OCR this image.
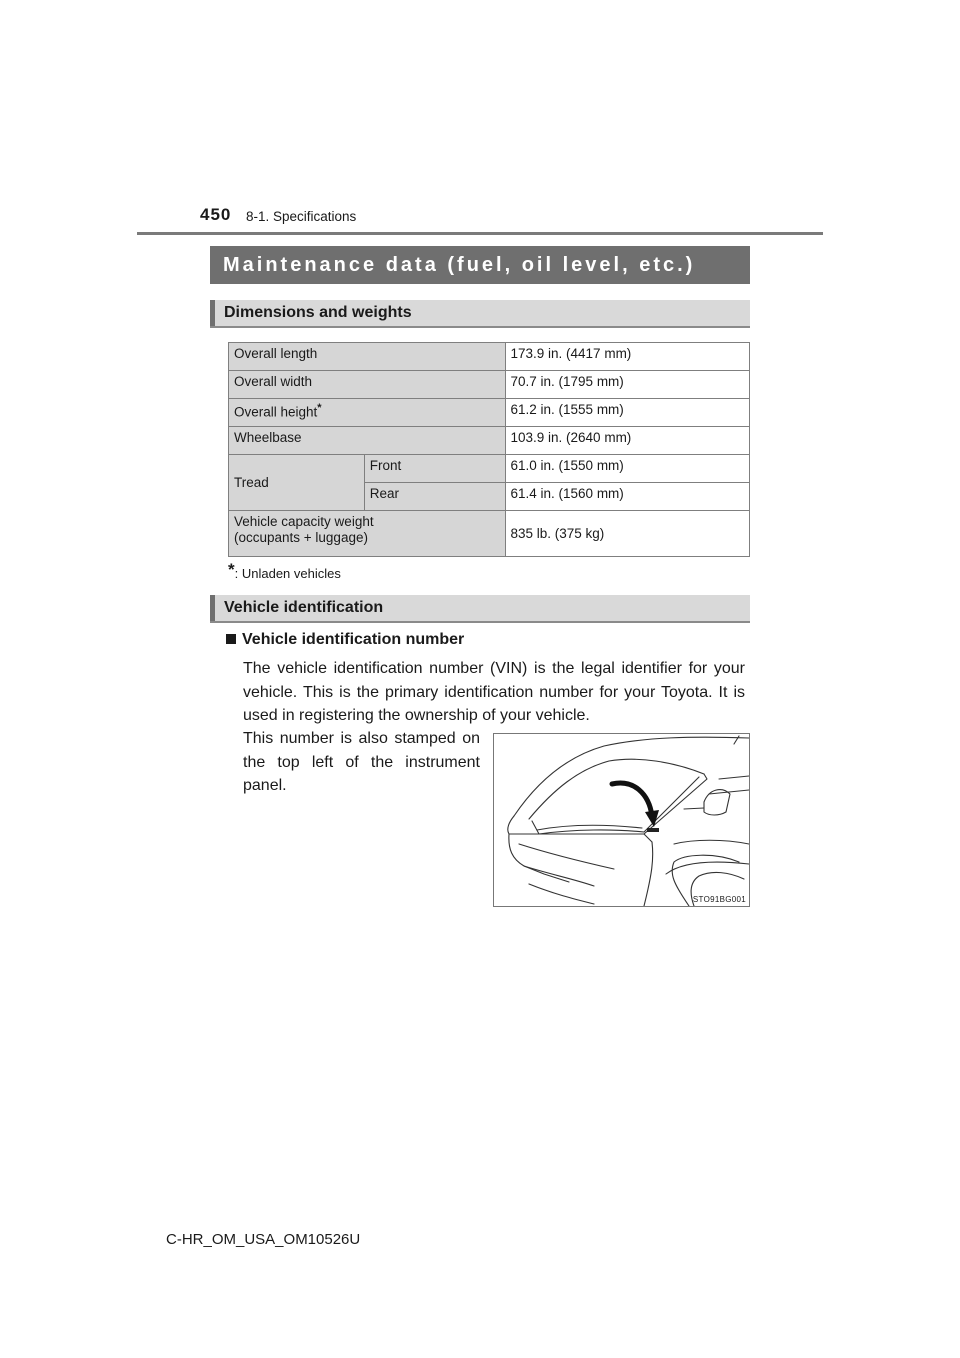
450 8-1. Specifications
Maintenance data (fuel, oil level, etc.)
Dimensions and weights
Overall length		173.9 in. (4417 mm)
Overall width		70.7 in. (1795 mm)
Overall height*		61.2 in. (1555 mm)
Wheelbase		103.9 in. (2640 mm)
Tread	Front	61.0 in. (1550 mm)
	Rear	61.4 in. (1560 mm)
Vehicle capacity weight
(occupants + luggage)		835 lb. (375 kg)
*: Unladen vehicles
Vehicle identification
Vehicle identification number
The vehicle identification number (VIN) is the legal identifier for your vehicle. This is the primary identification number for your Toyota. It is used in registering the ownership of your vehicle.
This number is also stamped on the top left of the instrument panel.
STO91BG001
C-HR_OM_USA_OM10526U
